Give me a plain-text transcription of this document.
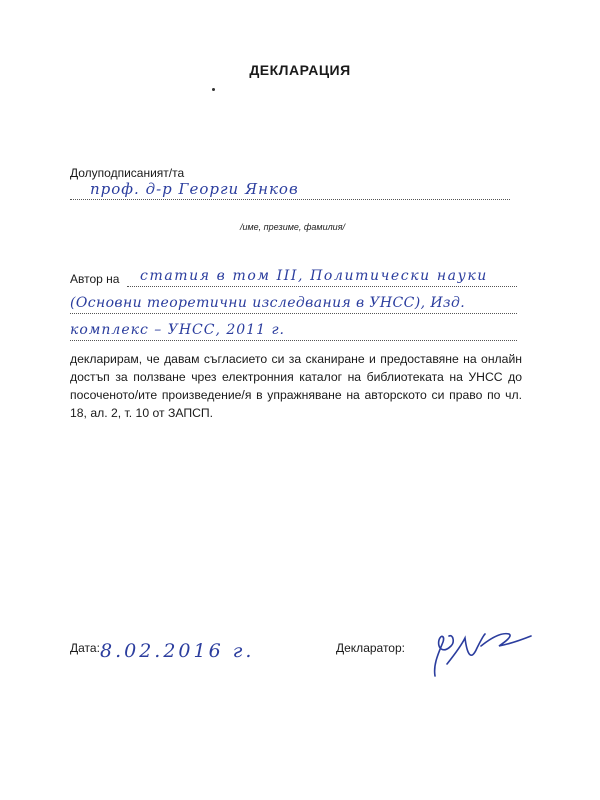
ДЕКЛАРАЦИЯ
Долуподписаният/та
проф. д-р Георги Янков
/име, презиме, фамилия/
Автор на статия в том III, Политически науки
(Основни теоретични изследвания в УНСС), Изд.
комплекс – УНСС, 2011 г.
декларирам, че давам съгласието си за сканиране и предоставяне на онлайн достъп за ползване чрез електронния каталог на библиотеката на УНСС до посоченото/ите произведение/я в упражняване на авторското си право по чл. 18, ал. 2, т. 10 от ЗАПСП.
Дата: 8.02.2016 г.	Декларатор:
